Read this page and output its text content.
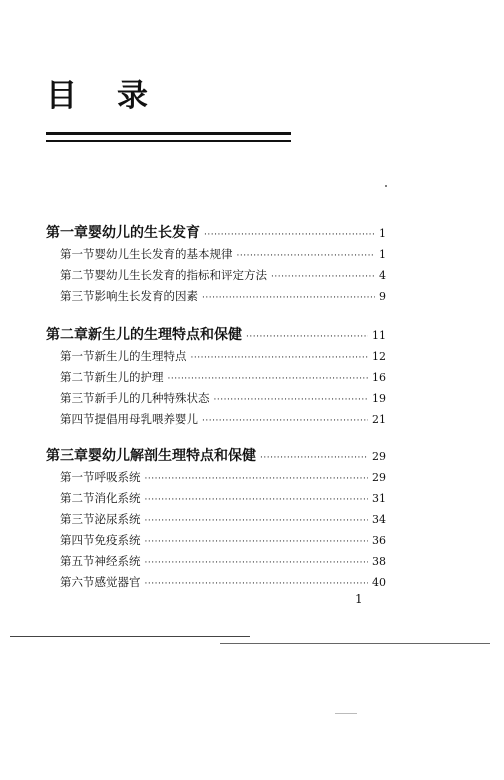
目录
第一章 婴幼儿的生长发育 ·····	1
第一节 婴幼儿生长发育的基本规律 ·····	1
第二节 婴幼儿生长发育的指标和评定方法 ·····	4
第三节 影响生长发育的因素 ·····	9
第二章 新生儿的生理特点和保健 ·····	11
第一节 新生儿的生理特点 ·····	12
第二节 新生儿的护理 ·····	16
第三节 新手儿的几种特殊状态 ·····	19
第四节 提倡用母乳喂养婴儿 ·····	21
第三章 婴幼儿解剖生理特点和保健 ·····	29
第一节 呼吸系统 ·····	29
第二节 消化系统 ·····	31
第三节 泌尿系统 ·····	34
第四节 免疫系统 ·····	36
第五节 神经系统 ·····	38
第六节 感觉器官 ·····	40
1
